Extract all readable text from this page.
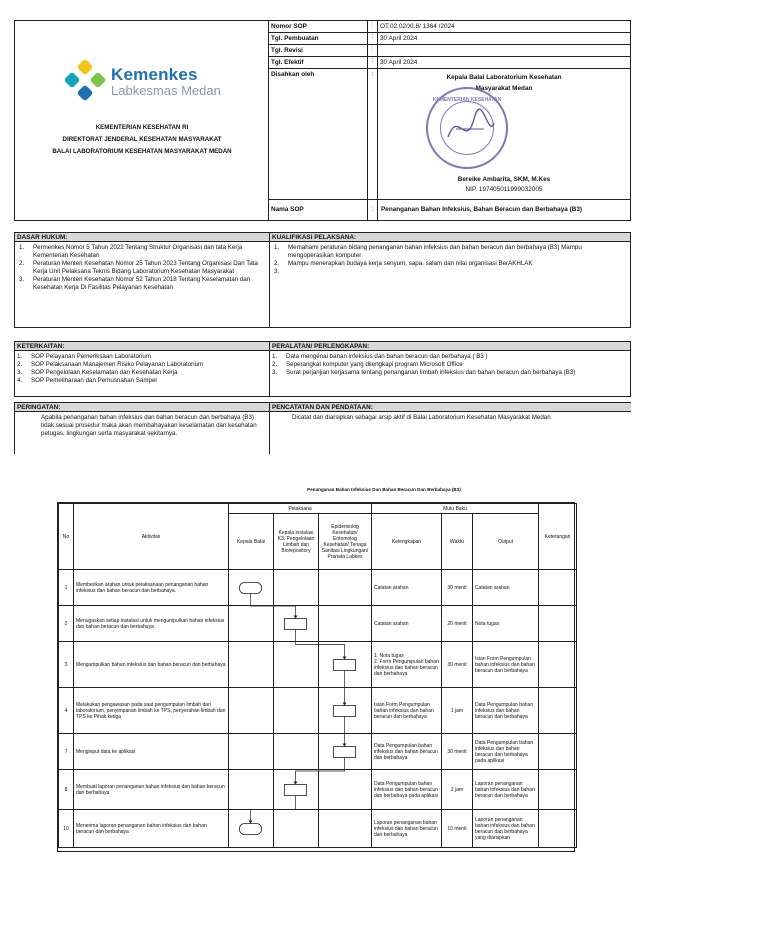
Kemenkes
Labkesmas Medan
KEMENTERIAN KESEHATAN RI
DIREKTORAT JENDERAL KESEHATAN MASYARAKAT
BALAI LABORATORIUM KESEHATAN MASYARAKAT MEDAN
Nomor SOP	:	OT.02.02/XI.8/ 1364 /2024
Tgl. Pembuatan	:	30 April 2024
Tgl. Revisi	:
Tgl. Efektif	:	30 April 2024
Disahkan oleh	:	Kepala Balai Laboratorium Kesehatan
Masyarakat Medan
KEMENTERIAN KESEHATAN
Bereike Ambarita, SKM, M.Kes
NIP. 197405011999032005
Nama SOP	:	Penanganan Bahan Infeksius, Bahan Beracun dan Berbahaya (B3)
DASAR HUKUM:
1.	Permenkes Nomor 5 Tahun 2022 Tentang Struktur Organisasi dan tata Kerja Kementerian Kesehatan
2.	Peraturan Menteri Kesehatan Nomor 25 Tahun 2023 Tentang Organisasi Dan Tata Kerja Unit Pelaksana Teknis Bidang Laboratorium Kesehatan Masyarakat
3.	Peraturan Menteri Kesehatan Nomor 52 Tahun 2018 Tentang Keselamatan dan Kesehatan Kerja Di Fasilitas Pelayanan Kesehatan
KUALIFIKASI PELAKSANA:
1.	Memahami peraturan bidang penanganan bahan infeksius dan bahan beracun dan berbahaya (B3) Mampu mengoperasikan komputer
2.	Mampu menerapkan budaya kerja senyum, sapa, salam dan nilai organisasi BerAKHLAK
3.
KETERKAITAN:
1.	SOP Pelayanan Pemeriksaan Laboratorium
2.	SOP Pelaksanaan Manajemen Risiko Pelayanan Laboratorium
3.	SOP Pengelolaan Keselamatan dan Kesehatan Kerja
4.	SOP Pemeliharaan dan Pemusnahan Sampel
PERALATAN/ PERLENGKAPAN:
1.	Data mengenai bahan infeksius dan bahan beracun dan berbahaya ( B3 )
2.	Seperangkat komputer yang dilengkapi program Microsoft Office
3.	Surat perjanjian kerjasama tentang penanganan limbah infeksius dan bahan beracun dan berbahaya (B3)
PERINGATAN:
Apabila penanganan bahan infeksius dan bahan beracun dan berbahaya (B3) tidak sesuai prosedur maka akan membahayakan keselamatan dan kesehatan petugas, lingkungan serta masyarakat sekitarnya.
PENCATATAN DAN PENDATAAN:
Dicatat dan diarsipkan sebagai arsip aktif di Balai Laboratorium Kesehatan Masyarakat Medan
Penanganan Bahan Infeksius Dan Bahan Beracun Dan Berbahaya (B3)
No	Aktivitas	Pelaksana			Mutu Baku			Keterangan
		Kepala Balai	Kepala instalasi K3, Pengelolaan Limbah dan Biorepository	Epidemiolog Kesehatan/ Entomolog Kesehatan/ Tenaga Sanitasi Lingkungan/ Pranata Labkes	Kelengkapan	Waktu	Output	
1	Memberikan arahan untuk pelaksanaan penanganan bahan infeksius dan bahan beracun dan berbahaya.				Catatan arahan	30 menit	Catatan arahan	
2	Menugaskan setiap instalasi untuk mengumpulkan bahan infeksius dan bahan beracun dan berbahaya				Catatan arahan	20 menit	Nota tugas	
3	Mengumpulkan bahan infeksius dan bahan beracun dan berbahaya				1. Nota tugas
2. Form Pengumpulan bahan infeksius dan bahan beracun dan berbahaya	30 menit	Isian Form Pengumpulan bahan infeksius dan bahan beracun dan berbahaya	
4	Melakukan pengawasan pada saat pengumpulan limbah dari laboratorium, penyimpanan limbah ke TPS, penyerahan limbah dari TPS ke Pihak ketiga				Isian Form Pengumpulan bahan infeksius dan bahan beracun dan berbahaya	1 jam	Data Pengumpulan bahan infeksius dan bahan beracun dan berbahaya	
7	Menginput data ke aplikasi				Data Pengumpulan bahan infeksius dan bahan beracun dan berbahaya	30 menit	Data Pengumpulan bahan infeksius dan bahan beracun dan berbahaya pada aplikasi	
8	Membuat laporan penanganan bahan infeksius dan bahan beracun dan berbahaya				Data Pengumpulan bahan infeksius dan bahan beracun dan berbahaya pada aplikasi	2 jam	Laporan penanganan bahan infeksius dan bahan beracun dan berbahaya	
10	Menerima laporan penanganan bahan infeksius dan bahan beracun dan berbahaya				Laporan penanganan bahan infeksius dan bahan beracun dan berbahaya	10 menit	Laporan penanganan bahan infeksius dan bahan beracun dan berbahaya yang diarsipkan	
